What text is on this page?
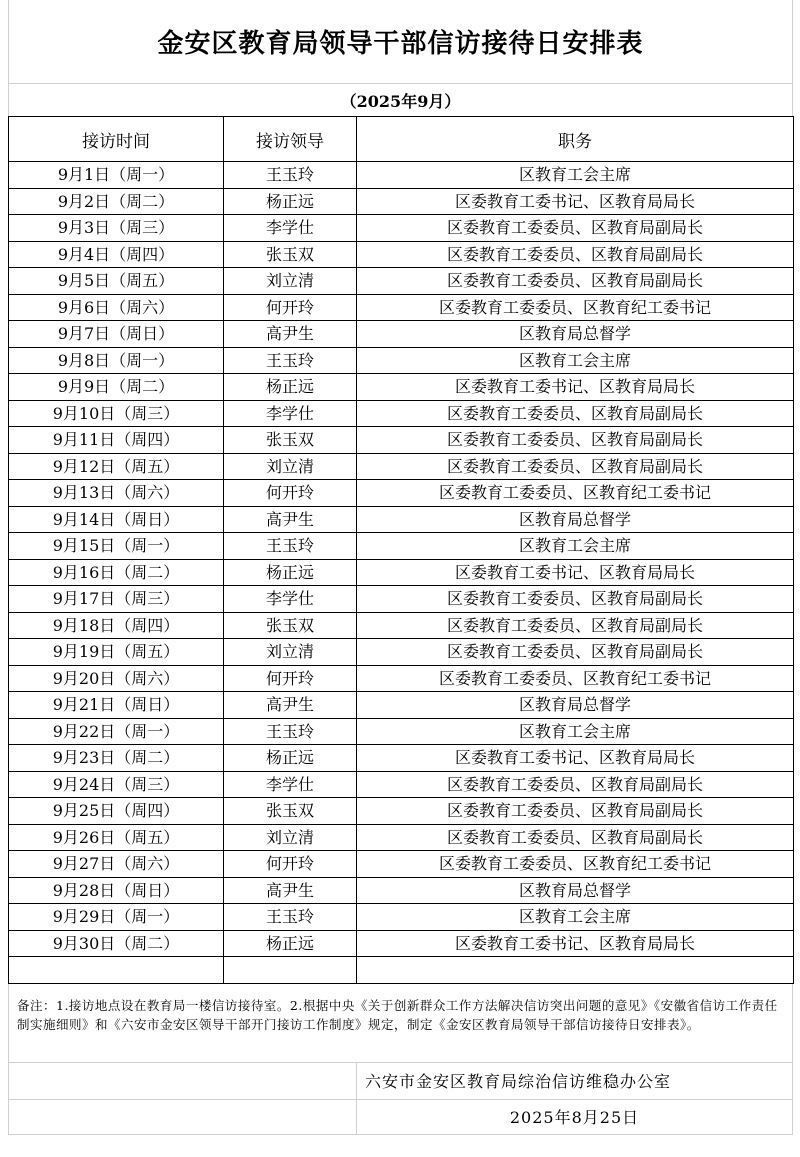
金安区教育局领导干部信访接待日安排表
（2025年9月）
接访时间	接访领导	职务
9月1日（周一）	王玉玲	区教育工会主席
9月2日（周二）	杨正远	区委教育工委书记、区教育局局长
9月3日（周三）	李学仕	区委教育工委委员、区教育局副局长
9月4日（周四）	张玉双	区委教育工委委员、区教育局副局长
9月5日（周五）	刘立清	区委教育工委委员、区教育局副局长
9月6日（周六）	何开玲	区委教育工委委员、区教育纪工委书记
9月7日（周日）	高尹生	区教育局总督学
9月8日（周一）	王玉玲	区教育工会主席
9月9日（周二）	杨正远	区委教育工委书记、区教育局局长
9月10日（周三）	李学仕	区委教育工委委员、区教育局副局长
9月11日（周四）	张玉双	区委教育工委委员、区教育局副局长
9月12日（周五）	刘立清	区委教育工委委员、区教育局副局长
9月13日（周六）	何开玲	区委教育工委委员、区教育纪工委书记
9月14日（周日）	高尹生	区教育局总督学
9月15日（周一）	王玉玲	区教育工会主席
9月16日（周二）	杨正远	区委教育工委书记、区教育局局长
9月17日（周三）	李学仕	区委教育工委委员、区教育局副局长
9月18日（周四）	张玉双	区委教育工委委员、区教育局副局长
9月19日（周五）	刘立清	区委教育工委委员、区教育局副局长
9月20日（周六）	何开玲	区委教育工委委员、区教育纪工委书记
9月21日（周日）	高尹生	区教育局总督学
9月22日（周一）	王玉玲	区教育工会主席
9月23日（周二）	杨正远	区委教育工委书记、区教育局局长
9月24日（周三）	李学仕	区委教育工委委员、区教育局副局长
9月25日（周四）	张玉双	区委教育工委委员、区教育局副局长
9月26日（周五）	刘立清	区委教育工委委员、区教育局副局长
9月27日（周六）	何开玲	区委教育工委委员、区教育纪工委书记
9月28日（周日）	高尹生	区教育局总督学
9月29日（周一）	王玉玲	区教育工会主席
9月30日（周二）	杨正远	区委教育工委书记、区教育局局长

备注：1.接访地点设在教育局一楼信访接待室。2.根据中央《关于创新群众工作方法解决信访突出问题的意见》《安徽省信访工作责任制实施细则》和《六安市金安区领导干部开门接访工作制度》规定，制定《金安区教育局领导干部信访接待日安排表》。
六安市金安区教育局综治信访维稳办公室
2025年8月25日
